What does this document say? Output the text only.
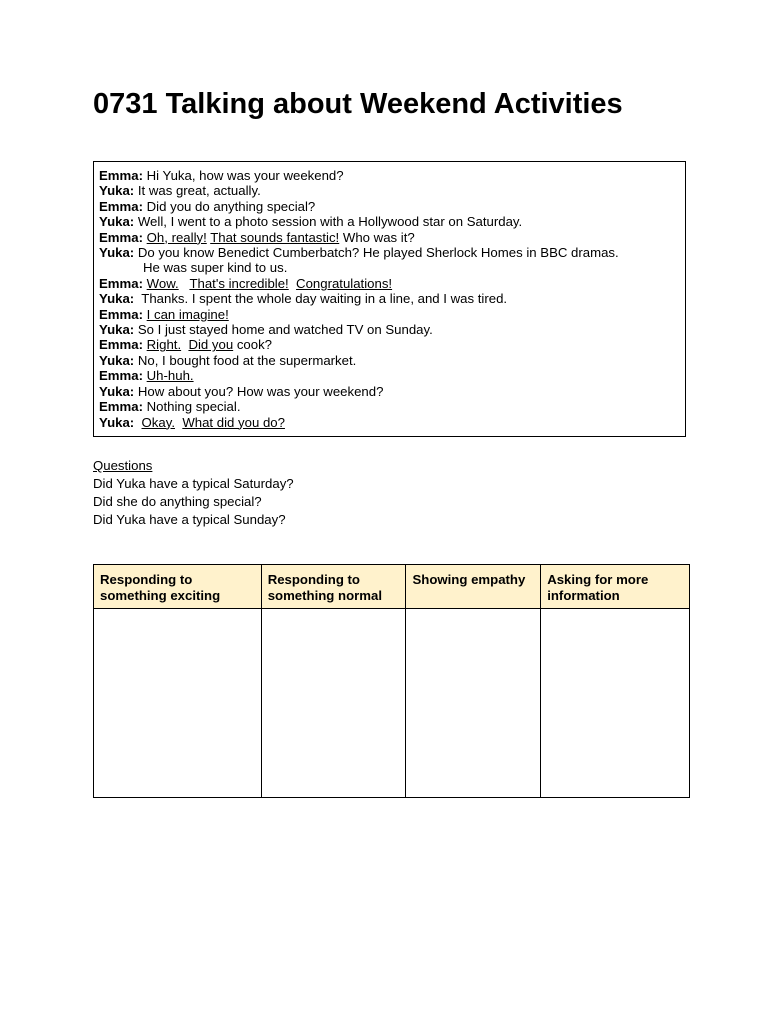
0731 Talking about Weekend Activities
Emma: Hi Yuka, how was your weekend?
Yuka: It was great, actually.
Emma: Did you do anything special?
Yuka: Well, I went to a photo session with a Hollywood star on Saturday.
Emma: Oh, really! That sounds fantastic! Who was it?
Yuka: Do you know Benedict Cumberbatch? He played Sherlock Homes in BBC dramas.
He was super kind to us.
Emma: Wow. That's incredible! Congratulations!
Yuka:  Thanks. I spent the whole day waiting in a line, and I was tired.
Emma: I can imagine!
Yuka: So I just stayed home and watched TV on Sunday.
Emma: Right. Did you cook?
Yuka: No, I bought food at the supermarket.
Emma: Uh-huh.
Yuka: How about you? How was your weekend?
Emma: Nothing special.
Yuka: Okay. What did you do?
Questions
Did Yuka have a typical Saturday?
Did she do anything special?
Did Yuka have a typical Sunday?
Responding to something exciting	Responding to something normal	Showing empathy	Asking for more information
